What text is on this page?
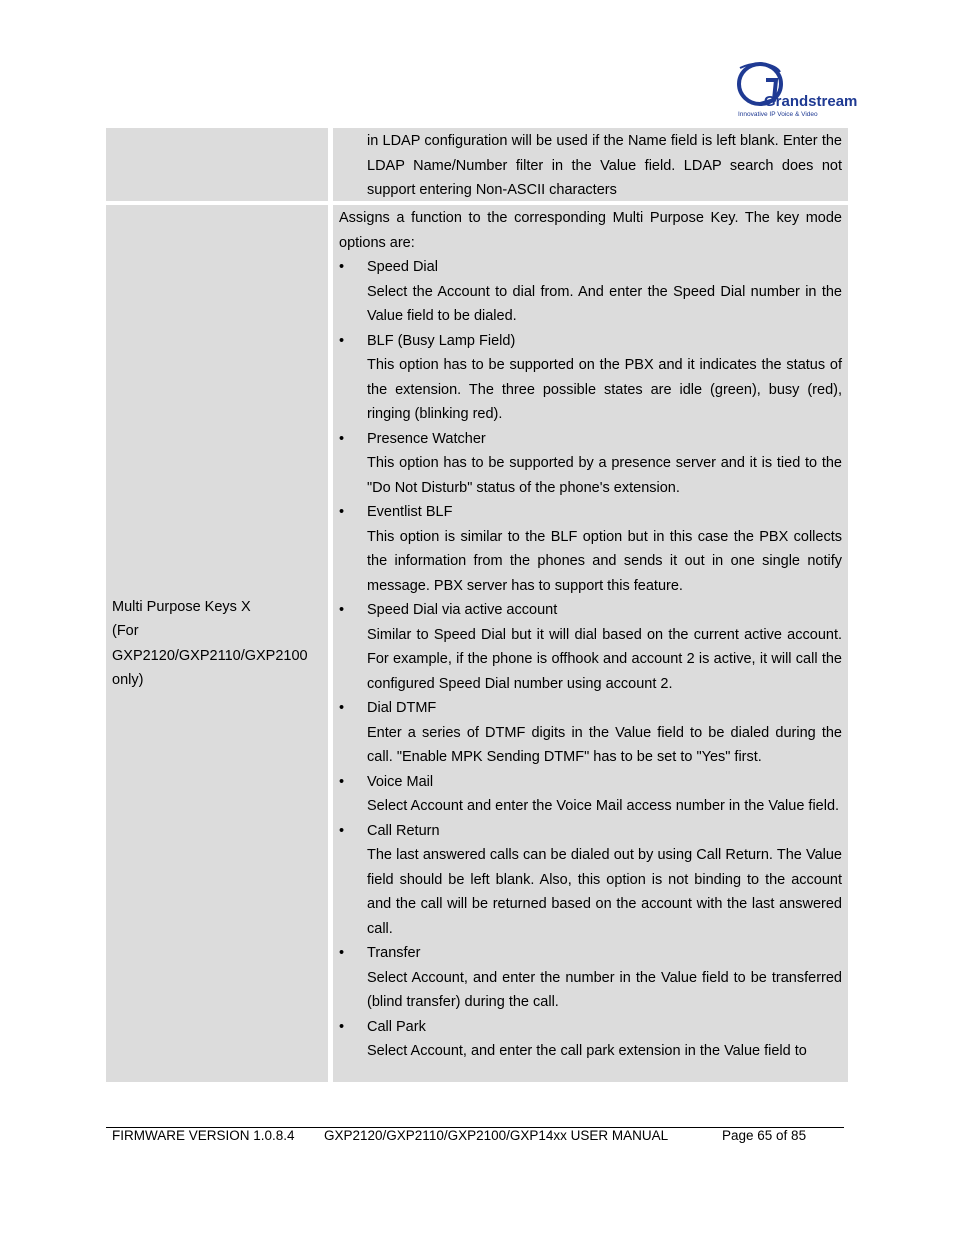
Grandstream
Innovative IP Voice & Video

in LDAP configuration will be used if the Name field is left blank. Enter the LDAP Name/Number filter in the Value field. LDAP search does not support entering Non-ASCII characters

Multi Purpose Keys X
(For
GXP2120/GXP2110/GXP2100
only)

Assigns a function to the corresponding Multi Purpose Key. The key mode options are:

• Speed Dial

Select the Account to dial from. And enter the Speed Dial number in the Value field to be dialed.

• BLF (Busy Lamp Field)

This option has to be supported on the PBX and it indicates the status of the extension. The three possible states are idle (green), busy (red), ringing (blinking red).

• Presence Watcher

This option has to be supported by a presence server and it is tied to the "Do Not Disturb" status of the phone's extension.

• Eventlist BLF

This option is similar to the BLF option but in this case the PBX collects the information from the phones and sends it out in one single notify message. PBX server has to support this feature.

• Speed Dial via active account

Similar to Speed Dial but it will dial based on the current active account. For example, if the phone is offhook and account 2 is active, it will call the configured Speed Dial number using account 2.

• Dial DTMF

Enter a series of DTMF digits in the Value field to be dialed during the call. "Enable MPK Sending DTMF" has to be set to "Yes" first.

• Voice Mail

Select Account and enter the Voice Mail access number in the Value field.

• Call Return

The last answered calls can be dialed out by using Call Return. The Value field should be left blank. Also, this option is not binding to the account and the call will be returned based on the account with the last answered call.

• Transfer

Select Account, and enter the number in the Value field to be transferred (blind transfer) during the call.

• Call Park

Select Account, and enter the call park extension in the Value field to

FIRMWARE VERSION 1.0.8.4 GXP2120/GXP2110/GXP2100/GXP14xx USER MANUAL	Page 65 of 85
